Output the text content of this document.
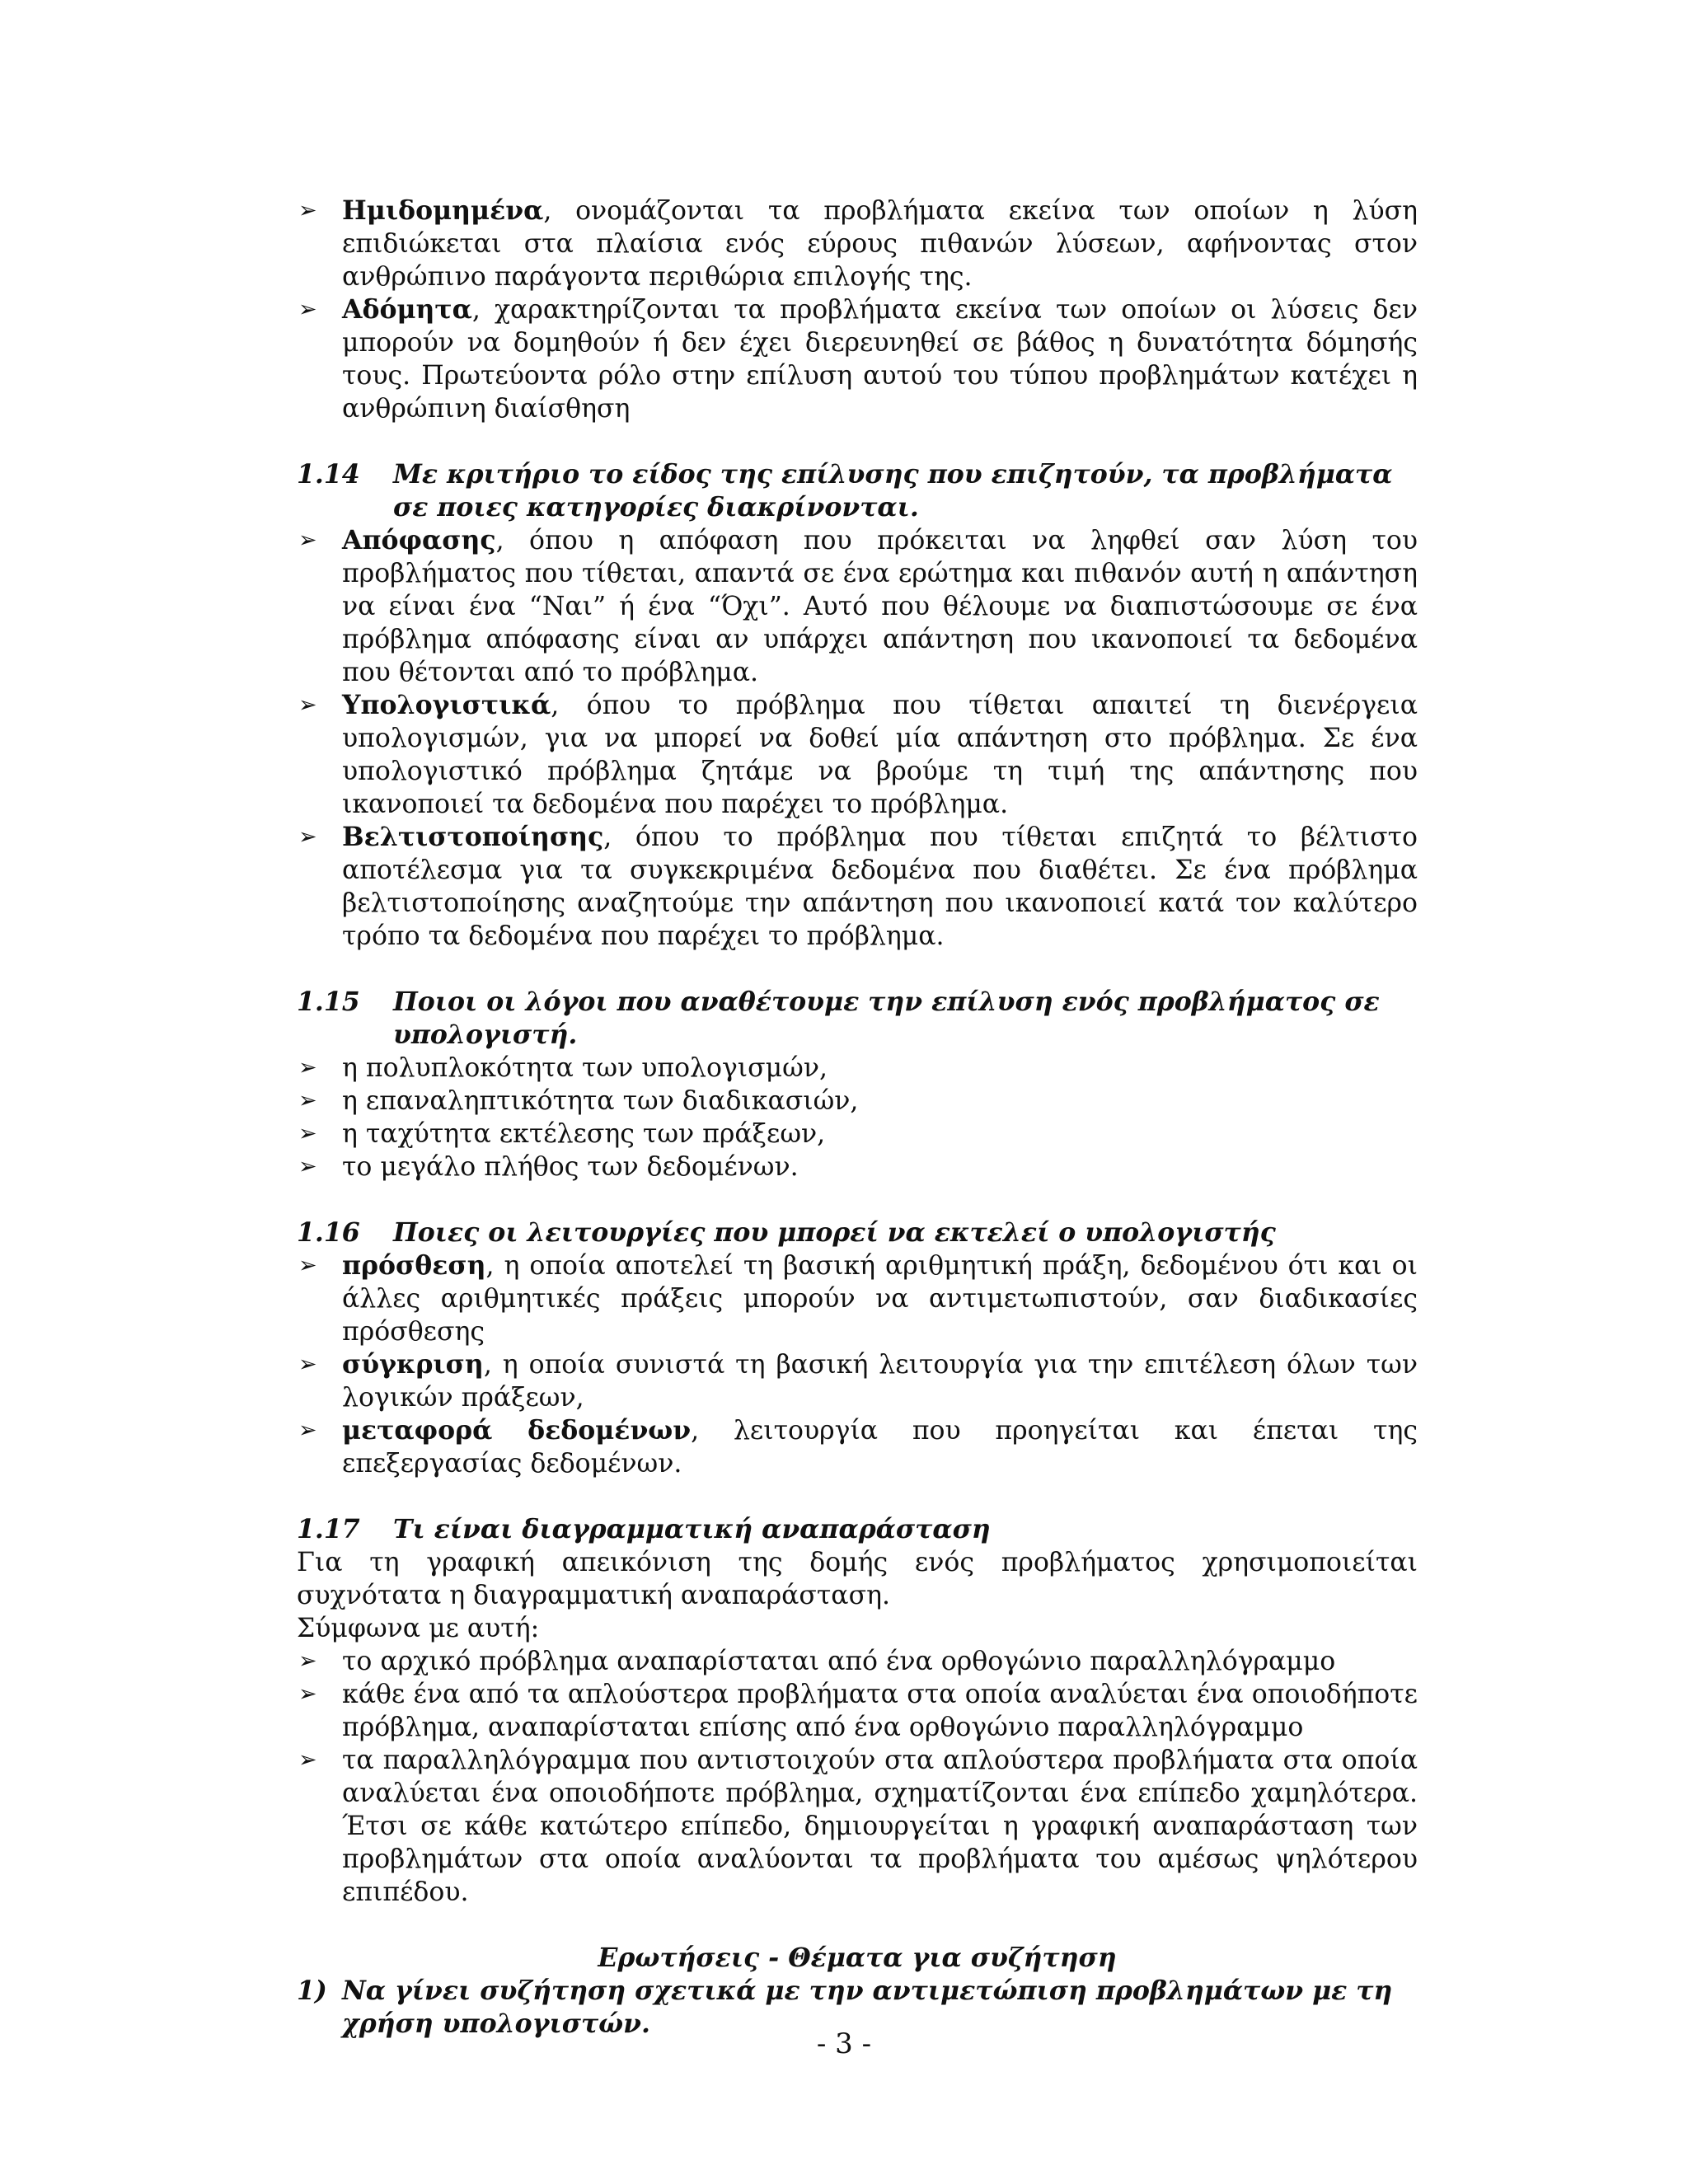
➢ Ημιδομημένα, ονομάζονται τα προβλήματα εκείνα των οποίων η λύση επιδιώκεται στα πλαίσια ενός εύρους πιθανών λύσεων, αφήνοντας στον ανθρώπινο παράγοντα περιθώρια επιλογής της.
➢ Αδόμητα, χαρακτηρίζονται τα προβλήματα εκείνα των οποίων οι λύσεις δεν μπορούν να δομηθούν ή δεν έχει διερευνηθεί σε βάθος η δυνατότητα δόμησής τους. Πρωτεύοντα ρόλο στην επίλυση αυτού του τύπου προβλημάτων κατέχει η ανθρώπινη διαίσθηση
1.14 Με κριτήριο το είδος της επίλυσης που επιζητούν, τα προβλήματα σε ποιες κατηγορίες διακρίνονται.
➢ Απόφασης, όπου η απόφαση που πρόκειται να ληφθεί σαν λύση του προβλήματος που τίθεται, απαντά σε ένα ερώτημα και πιθανόν αυτή η απάντηση να είναι ένα “Ναι” ή ένα “Όχι”. Αυτό που θέλουμε να διαπιστώσουμε σε ένα πρόβλημα απόφασης είναι αν υπάρχει απάντηση που ικανοποιεί τα δεδομένα που θέτονται από το πρόβλημα.
➢ Υπολογιστικά, όπου το πρόβλημα που τίθεται απαιτεί τη διενέργεια υπολογισμών, για να μπορεί να δοθεί μία απάντηση στο πρόβλημα. Σε ένα υπολογιστικό πρόβλημα ζητάμε να βρούμε τη τιμή της απάντησης που ικανοποιεί τα δεδομένα που παρέχει το πρόβλημα.
➢ Βελτιστοποίησης, όπου το πρόβλημα που τίθεται επιζητά το βέλτιστο αποτέλεσμα για τα συγκεκριμένα δεδομένα που διαθέτει. Σε ένα πρόβλημα βελτιστοποίησης αναζητούμε την απάντηση που ικανοποιεί κατά τον καλύτερο τρόπο τα δεδομένα που παρέχει το πρόβλημα.
1.15 Ποιοι οι λόγοι που αναθέτουμε την επίλυση ενός προβλήματος σε υπολογιστή.
➢ η πολυπλοκότητα των υπολογισμών,
➢ η επαναληπτικότητα των διαδικασιών,
➢ η ταχύτητα εκτέλεσης των πράξεων,
➢ το μεγάλο πλήθος των δεδομένων.
1.16 Ποιες οι λειτουργίες που μπορεί να εκτελεί ο υπολογιστής
➢ πρόσθεση, η οποία αποτελεί τη βασική αριθμητική πράξη, δεδομένου ότι και οι άλλες αριθμητικές πράξεις μπορούν να αντιμετωπιστούν, σαν διαδικασίες πρόσθεσης
➢ σύγκριση, η οποία συνιστά τη βασική λειτουργία για την επιτέλεση όλων των λογικών πράξεων,
➢ μεταφορά δεδομένων, λειτουργία που προηγείται και έπεται της επεξεργασίας δεδομένων.
1.17 Τι είναι διαγραμματική αναπαράσταση
Για τη γραφική απεικόνιση της δομής ενός προβλήματος χρησιμοποιείται συχνότατα η διαγραμματική αναπαράσταση.
Σύμφωνα με αυτή:
➢ το αρχικό πρόβλημα αναπαρίσταται από ένα ορθογώνιο παραλληλόγραμμο
➢ κάθε ένα από τα απλούστερα προβλήματα στα οποία αναλύεται ένα οποιοδήποτε πρόβλημα, αναπαρίσταται επίσης από ένα ορθογώνιο παραλληλόγραμμο
➢ τα παραλληλόγραμμα που αντιστοιχούν στα απλούστερα προβλήματα στα οποία αναλύεται ένα οποιοδήποτε πρόβλημα, σχηματίζονται ένα επίπεδο χαμηλότερα. Έτσι σε κάθε κατώτερο επίπεδο, δημιουργείται η γραφική αναπαράσταση των προβλημάτων στα οποία αναλύονται τα προβλήματα του αμέσως ψηλότερου επιπέδου.
Ερωτήσεις - Θέματα για συζήτηση
1) Να γίνει συζήτηση σχετικά με την αντιμετώπιση προβλημάτων με τη χρήση υπολογιστών.
- 3 -
